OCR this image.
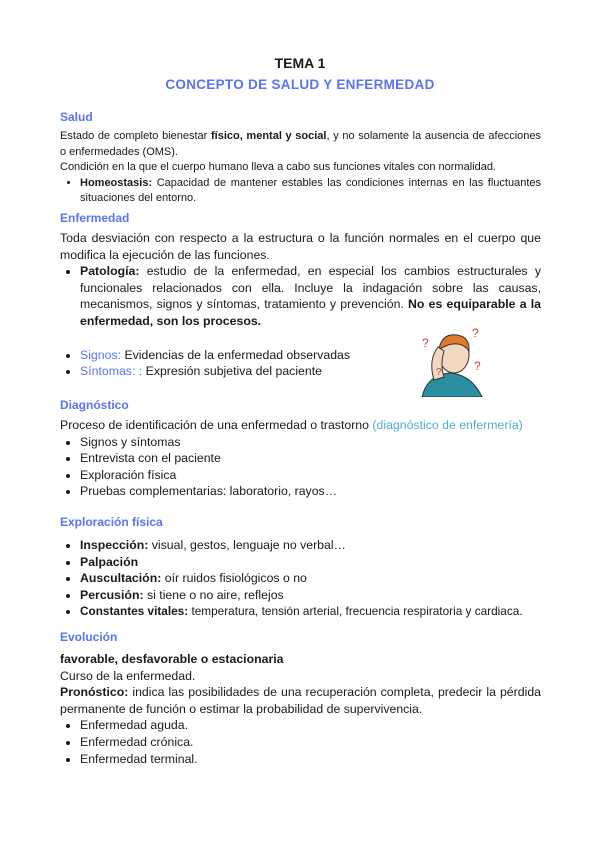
TEMA 1
CONCEPTO DE SALUD Y ENFERMEDAD
Salud

Estado de completo bienestar físico, mental y social, y no solamente la ausencia de afecciones o enfermedades (OMS).

Condición en la que el cuerpo humano lleva a cabo sus funciones vitales con normalidad.

• Homeostasis: Capacidad de mantener estables las condiciones internas en las fluctuantes situaciones del entorno.
Enfermedad

Toda desviación con respecto a la estructura o la función normales en el cuerpo que modifica la ejecución de las funciones.

• Patología: estudio de la enfermedad, en especial los cambios estructurales y funcionales relacionados con ella. Incluye la indagación sobre las causas, mecanismos, signos y síntomas, tratamiento y prevención. No es equiparable a la enfermedad, son los procesos.
• Signos: Evidencias de la enfermedad observadas
• Síntomas: : Expresión subjetiva del paciente
?
?
?
?
Diagnóstico

Proceso de identificación de una enfermedad o trastorno (diagnóstico de enfermería)

• Signos y síntomas
• Entrevista con el paciente
• Exploración física
• Pruebas complementarias: laboratorio, rayos…
Exploración física
• Inspección: visual, gestos, lenguaje no verbal…
• Palpación
• Auscultación: oír ruidos fisiológicos o no
• Percusión: si tiene o no aire, reflejos
• Constantes vitales: temperatura, tensión arterial, frecuencia respiratoria y cardiaca.
Evolución

favorable, desfavorable o estacionaria

Curso de la enfermedad.

Pronóstico: indica las posibilidades de una recuperación completa, predecir la pérdida permanente de función o estimar la probabilidad de supervivencia.

• Enfermedad aguda.
• Enfermedad crónica.
• Enfermedad terminal.
